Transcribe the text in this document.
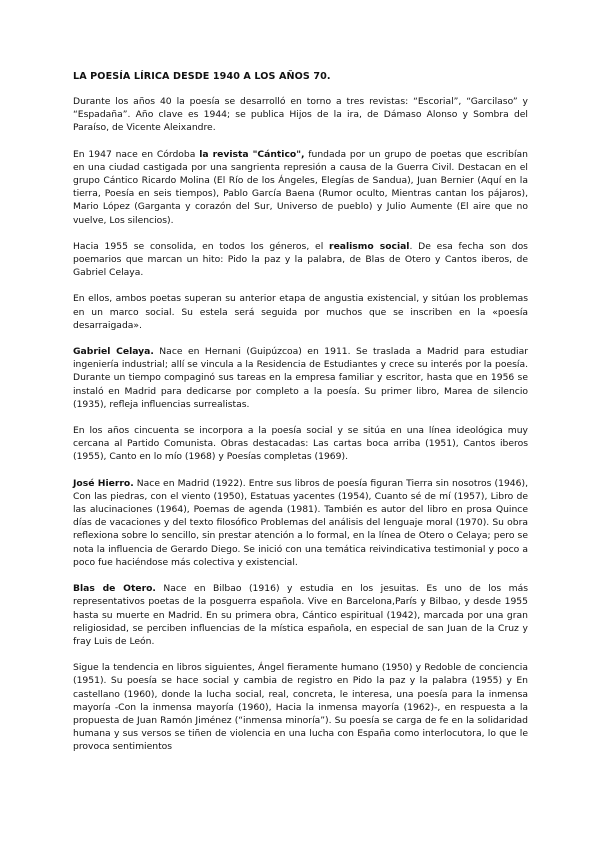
LA POESÍA LÍRICA DESDE 1940 A LOS AÑOS 70.

Durante los años 40 la poesía se desarrolló en torno a tres revistas: “Escorial”, “Garcilaso” y “Espadaña”. Año clave es 1944; se publica Hijos de la ira, de Dámaso Alonso y Sombra del Paraíso, de Vicente Aleixandre.

En 1947 nace en Córdoba la revista "Cántico", fundada por un grupo de poetas que escribían en una ciudad castigada por una sangrienta represión a causa de la Guerra Civil. Destacan en el grupo Cántico Ricardo Molina (El Río de los Ángeles, Elegías de Sandua), Juan Bernier (Aquí en la tierra, Poesía en seis tiempos), Pablo García Baena (Rumor oculto, Mientras cantan los pájaros), Mario López (Garganta y corazón del Sur, Universo de pueblo) y Julio Aumente (El aire que no vuelve, Los silencios).

Hacia 1955 se consolida, en todos los géneros, el realismo social. De esa fecha son dos poemarios que marcan un hito: Pido la paz y la palabra, de Blas de Otero y Cantos iberos, de Gabriel Celaya.

En ellos, ambos poetas superan su anterior etapa de angustia existencial, y sitúan los problemas en un marco social. Su estela será seguida por muchos que se inscriben en la «poesía desarraigada».

Gabriel Celaya. Nace en Hernani (Guipúzcoa) en 1911. Se traslada a Madrid para estudiar ingeniería industrial; allí se vincula a la Residencia de Estudiantes y crece su interés por la poesía. Durante un tiempo compaginó sus tareas en la empresa familiar y escritor, hasta que en 1956 se instaló en Madrid para dedicarse por completo a la poesía. Su primer libro, Marea de silencio (1935), refleja influencias surrealistas.

En los años cincuenta se incorpora a la poesía social y se sitúa en una línea ideológica muy cercana al Partido Comunista. Obras destacadas: Las cartas boca arriba (1951), Cantos iberos (1955), Canto en lo mío (1968) y Poesías completas (1969).

José Hierro. Nace en Madrid (1922). Entre sus libros de poesía figuran Tierra sin nosotros (1946), Con las piedras, con el viento (1950), Estatuas yacentes (1954), Cuanto sé de mí (1957), Libro de las alucinaciones (1964), Poemas de agenda (1981). También es autor del libro en prosa Quince días de vacaciones y del texto filosófico Problemas del análisis del lenguaje moral (1970). Su obra reflexiona sobre lo sencillo, sin prestar atención a lo formal, en la línea de Otero o Celaya; pero se nota la influencia de Gerardo Diego. Se inició con una temática reivindicativa testimonial y poco a poco fue haciéndose más colectiva y existencial.

Blas de Otero. Nace en Bilbao (1916) y estudia en los jesuitas. Es uno de los más representativos poetas de la posguerra española. Vive en Barcelona,París y Bilbao, y desde 1955 hasta su muerte en Madrid. En su primera obra, Cántico espiritual (1942), marcada por una gran religiosidad, se perciben influencias de la mística española, en especial de san Juan de la Cruz y fray Luis de León.

Sigue la tendencia en libros siguientes, Ángel fieramente humano (1950) y Redoble de conciencia (1951). Su poesía se hace social y cambia de registro en Pido la paz y la palabra (1955) y En castellano (1960), donde la lucha social, real, concreta, le interesa, una poesía para la inmensa mayoría -Con la inmensa mayoría (1960), Hacia la inmensa mayoría (1962)-, en respuesta a la propuesta de Juan Ramón Jiménez (“inmensa minoría”). Su poesía se carga de fe en la solidaridad humana y sus versos se tiñen de violencia en una lucha con España como interlocutora, lo que le provoca sentimientos
